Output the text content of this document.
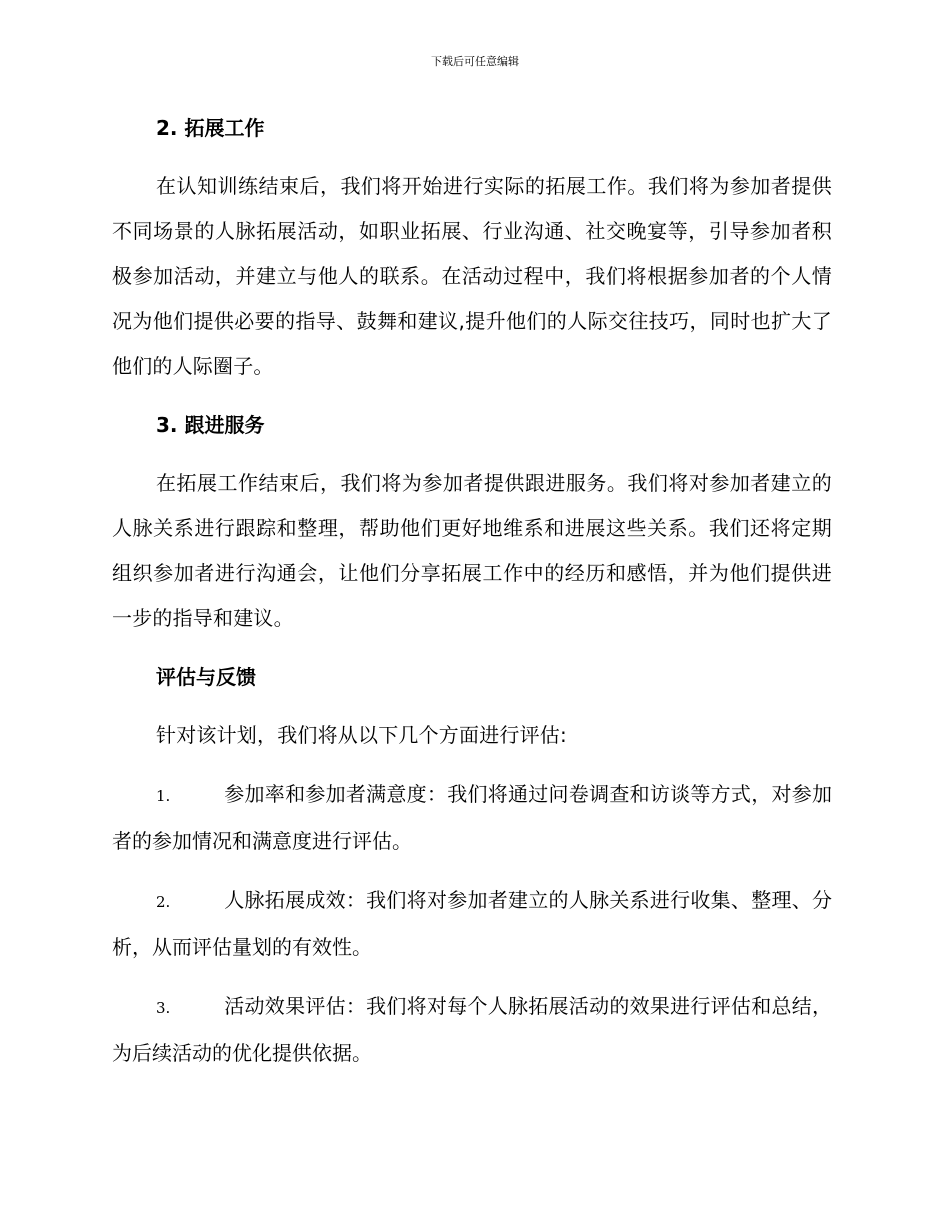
下载后可任意编辑
2. 拓展工作
在认知训练结束后，我们将开始进行实际的拓展工作。我们将为参加者提供不同场景的人脉拓展活动，如职业拓展、行业沟通、社交晚宴等，引导参加者积极参加活动，并建立与他人的联系。在活动过程中，我们将根据参加者的个人情况为他们提供必要的指导、鼓舞和建议,提升他们的人际交往技巧，同时也扩大了他们的人际圈子。
3. 跟进服务
在拓展工作结束后，我们将为参加者提供跟进服务。我们将对参加者建立的人脉关系进行跟踪和整理，帮助他们更好地维系和进展这些关系。我们还将定期组织参加者进行沟通会，让他们分享拓展工作中的经历和感悟，并为他们提供进一步的指导和建议。
评估与反馈
针对该计划，我们将从以下几个方面进行评估:
1.	参加率和参加者满意度：我们将通过问卷调查和访谈等方式，对参加者的参加情况和满意度进行评估。
2.	人脉拓展成效：我们将对参加者建立的人脉关系进行收集、整理、分析，从而评估量划的有效性。
3.	活动效果评估：我们将对每个人脉拓展活动的效果进行评估和总结，为后续活动的优化提供依据。
